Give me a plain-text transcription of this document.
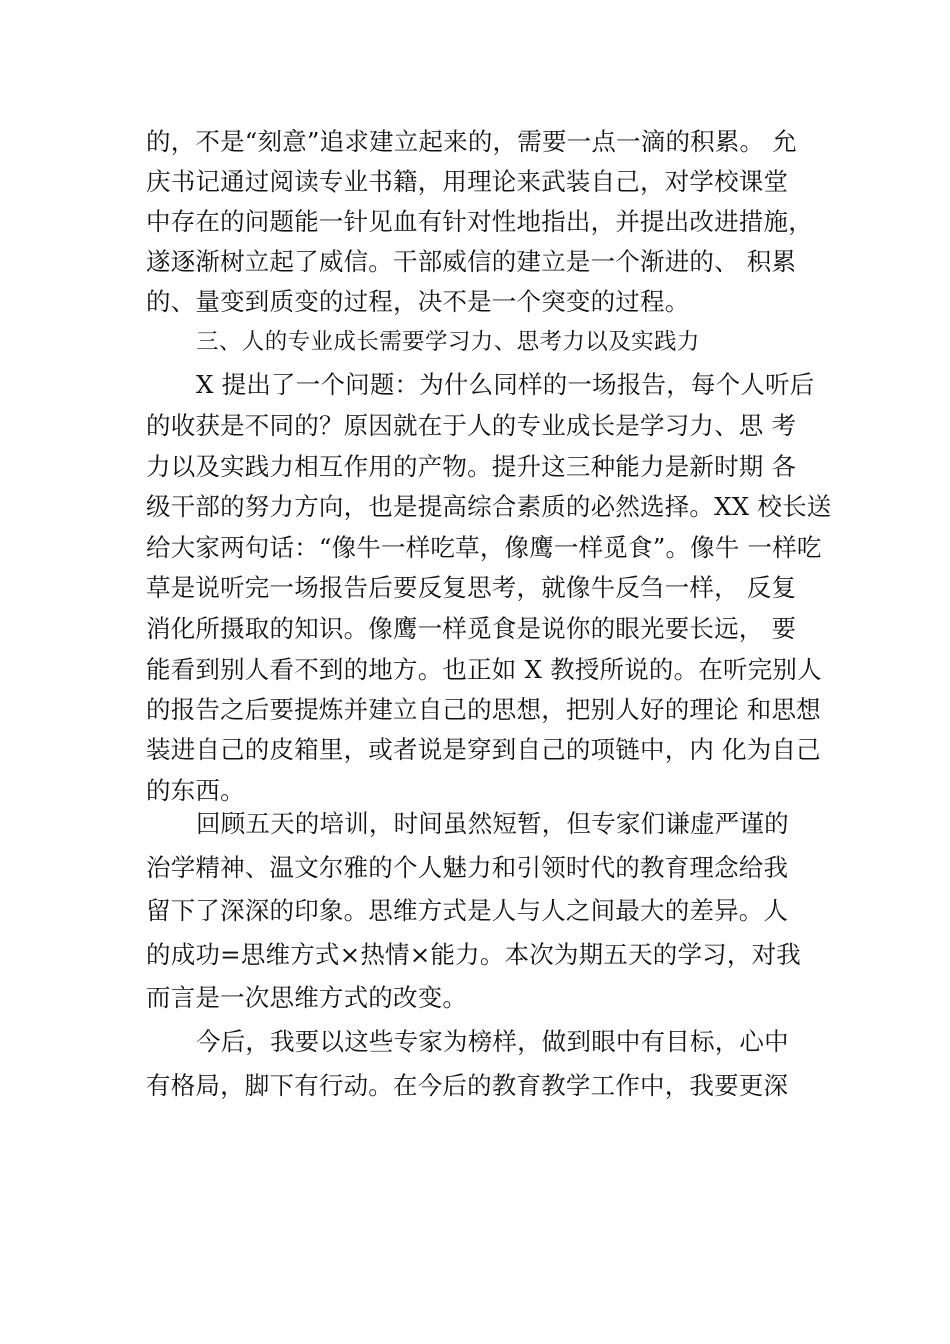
的，不是“刻意”追求建立起来的，需要一点一滴的积累。 允
庆书记通过阅读专业书籍，用理论来武装自己，对学校课堂
中存在的问题能一针见血有针对性地指出，并提出改进措施，
遂逐渐树立起了威信。干部威信的建立是一个渐进的、 积累
的、量变到质变的过程，决不是一个突变的过程。
三、人的专业成长需要学习力、思考力以及实践力
X 提出了一个问题：为什么同样的一场报告，每个人听后
的收获是不同的？原因就在于人的专业成长是学习力、思 考
力以及实践力相互作用的产物。提升这三种能力是新时期 各
级干部的努力方向，也是提高综合素质的必然选择。XX 校长送
给大家两句话：“像牛一样吃草，像鹰一样觅食”。像牛 一样吃
草是说听完一场报告后要反复思考，就像牛反刍一样， 反复
消化所摄取的知识。像鹰一样觅食是说你的眼光要长远， 要
能看到别人看不到的地方。也正如 X 教授所说的。在听完别人
的报告之后要提炼并建立自己的思想，把别人好的理论 和思想
装进自己的皮箱里，或者说是穿到自己的项链中，内 化为自己
的东西。
回顾五天的培训，时间虽然短暂，但专家们谦虚严谨的
治学精神、温文尔雅的个人魅力和引领时代的教育理念给我
留下了深深的印象。思维方式是人与人之间最大的差异。人
的成功=思维方式×热情×能力。本次为期五天的学习，对我
而言是一次思维方式的改变。
今后，我要以这些专家为榜样，做到眼中有目标，心中
有格局，脚下有行动。在今后的教育教学工作中，我要更深
